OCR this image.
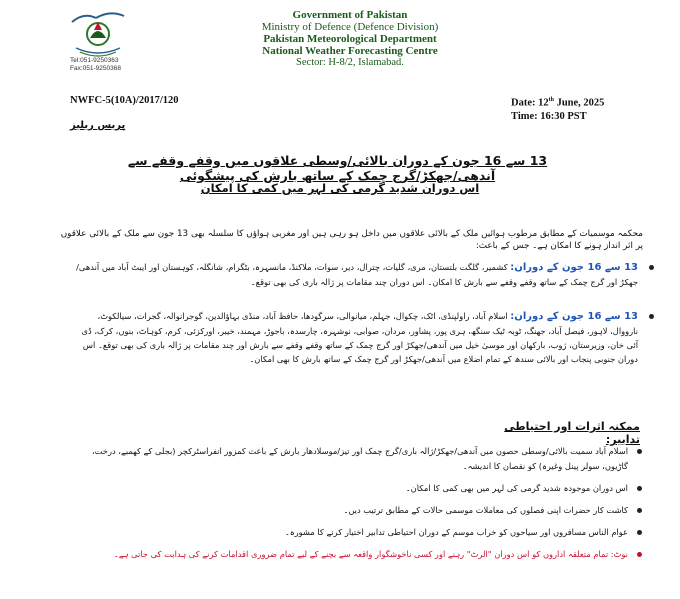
Tel:051-9250363
Fax:051-9250368
Government of Pakistan
Ministry of Defence (Defence Division)
Pakistan Meteorological Department
National Weather Forecasting Centre
Sector: H-8/2, Islamabad.
NWFC-5(10A)/2017/120	Date: 12th June, 2025
Time: 16:30 PST
پریس ریلیز
13 سے 16 جون کے دوران بالائی/وسطی علاقوں میں وقفے وقفے سے آندھی/جھکڑ/گرج چمک کے ساتھ بارش کی پیشگوئی
اس دوران شدید گرمی کی لہر میں کمی کا امکان
محکمہ موسمیات کے مطابق مرطوب ہوائیں ملک کے بالائی علاقوں میں داخل ہو رہی ہیں اور مغربی ہواؤں کا سلسلہ بھی 13 جون سے ملک کے بالائی علاقوں پر اثر انداز ہونے کا امکان ہے۔ جس کے باعث:
13 سے 16 جون کے دوران: کشمیر، گلگت بلتستان، مری، گلیات، چترال، دیر، سوات، ملاکنڈ، مانسہرہ، بٹگرام، شانگلہ، کوہستان اور ایبٹ آباد میں آندھی/جھکڑ اور گرج چمک کے ساتھ وقفے وقفے سے بارش کا امکان۔ اس دوران چند مقامات پر ژالہ باری کی بھی توقع۔
13 سے 16 جون کے دوران: اسلام آباد، راولپنڈی، اٹک، چکوال، جہلم، میانوالی، سرگودھا، حافظ آباد، منڈی بہاؤالدین، گوجرانوالہ، گجرات، سیالکوٹ، نارووال، لاہور، فیصل آباد، جھنگ، ٹوبہ ٹیک سنگھ، ہری پور، پشاور، مردان، صوابی، نوشہرہ، چارسدہ، باجوڑ، مہمند، خیبر، اورکزئی، کرم، کوہاٹ، بنوں، کرک، ڈی آئی خان، وزیرستان، ژوب، بارکھان اور موسیٰ خیل میں آندھی/جھکڑ اور گرج چمک کے ساتھ وقفے وقفے سے بارش اور چند مقامات پر ژالہ باری کی بھی توقع۔ اس دوران جنوبی پنجاب اور بالائی سندھ کے تمام اضلاع میں آندھی/جھکڑ اور گرج چمک کے ساتھ بارش کا بھی امکان۔
ممکنہ اثرات اور احتیاطی تدابیر:
اسلام آباد سمیت بالائی/وسطی حصوں میں آندھی/جھکڑ/ژالہ باری/گرج چمک اور تیز/موسلادھار بارش کے باعث کمزور انفراسٹرکچر (بجلی کے کھمبے، درخت، گاڑیوں، سولر پینل وغیرہ) کو نقصان کا اندیشہ۔
اس دوران موجودہ شدید گرمی کی لہر میں بھی کمی کا امکان۔
کاشت کار حضرات اپنی فصلوں کی معاملات موسمی حالات کے مطابق ترتیب دیں۔
عوام الناس مسافروں اور سیاحوں کو خراب موسم کے دوران احتیاطی تدابیر اختیار کرنے کا مشورہ۔
نوٹ: تمام متعلقہ اداروں کو اس دوران "الرٹ" رہنے اور کسی ناخوشگوار واقعہ سے بچنے کے لیے تمام ضروری اقدامات کرنے کی ہدایت کی جاتی ہے۔
